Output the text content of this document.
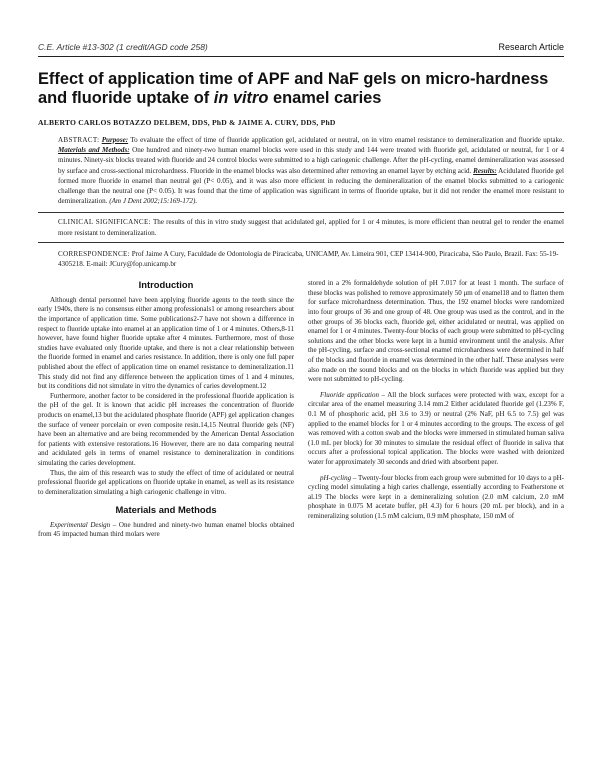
C.E. Article #13-302 (1 credit/AGD code 258)	Research Article
Effect of application time of APF and NaF gels on micro-hardness and fluoride uptake of in vitro enamel caries
ALBERTO CARLOS BOTAZZO DELBEM, DDS, PhD & JAIME A. CURY, DDS, PhD
ABSTRACT: Purpose: To evaluate the effect of time of fluoride application gel, acidulated or neutral, on in vitro enamel resistance to demineralization and fluoride uptake. Materials and Methods: One hundred and ninety-two human enamel blocks were used in this study and 144 were treated with fluoride gel, acidulated or neutral, for 1 or 4 minutes. Ninety-six blocks treated with fluoride and 24 control blocks were submitted to a high cariogenic challenge. After the pH-cycling, enamel demineralization was assessed by surface and cross-sectional microhardness. Fluoride in the enamel blocks was also determined after removing an enamel layer by etching acid. Results: Acidulated fluoride gel formed more fluoride in enamel than neutral gel (P< 0.05), and it was also more efficient in reducing the demineralization of the enamel blocks submitted to a cariogenic challenge than the neutral one (P< 0.05). It was found that the time of application was significant in terms of fluoride uptake, but it did not render the enamel more resistant to demineralization. (Am J Dent 2002;15:169-172).
CLINICAL SIGNIFICANCE: The results of this in vitro study suggest that acidulated gel, applied for 1 or 4 minutes, is more efficient than neutral gel to render the enamel more resistant to demineralization.
CORRESPONDENCE: Prof Jaime A Cury, Faculdade de Odontologia de Piracicaba, UNICAMP, Av. Limeira 901, CEP 13414-900, Piracicaba, São Paulo, Brazil. Fax: 55-19-4305218. E-mail: JCury@fop.unicamp.br
Introduction

Although dental personnel have been applying fluoride agents to the teeth since the early 1940s, there is no consensus either among professionals1 or among researchers about the importance of application time. Some publications2-7 have not shown a difference in respect to fluoride uptake into enamel at an application time of 1 or 4 minutes. Others,8-11 however, have found higher fluoride uptake after 4 minutes. Furthermore, most of those studies have evaluated only fluoride uptake, and there is not a clear relationship between the fluoride formed in enamel and caries resistance. In addition, there is only one full paper published about the effect of application time on enamel resistance to demineralization.11 This study did not find any difference between the application times of 1 and 4 minutes, but its conditions did not simulate in vitro the dynamics of caries development.12

Furthermore, another factor to be considered in the professional fluoride application is the pH of the gel. It is known that acidic pH increases the concentration of fluoride products on enamel,13 but the acidulated phosphate fluoride (APF) gel application changes the surface of veneer porcelain or even composite resin.14,15 Neutral fluoride gels (NF) have been an alternative and are being recommended by the American Dental Association for patients with extensive restorations.16 However, there are no data comparing neutral and acidulated gels in terms of enamel resistance to demineralization in conditions simulating the caries development.

Thus, the aim of this research was to study the effect of time of acidulated or neutral professional fluoride gel applications on fluoride uptake in enamel, as well as its resistance to demineralization simulating a high cariogenic challenge in vitro.

Materials and Methods

Experimental Design – One hundred and ninety-two human enamel blocks obtained from 45 impacted human third molars were

stored in a 2% formaldehyde solution of pH 7.017 for at least 1 month. The surface of these blocks was polished to remove approximately 50 μm of enamel18 and to flatten them for surface microhardness determination. Thus, the 192 enamel blocks were randomized into four groups of 36 and one group of 48. One group was used as the control, and in the other groups of 36 blocks each, fluoride gel, either acidulated or neutral, was applied on enamel for 1 or 4 minutes. Twenty-four blocks of each group were submitted to pH-cycling solutions and the other blocks were kept in a humid environment until the analysis. After the pH-cycling, surface and cross-sectional enamel microhardness were determined in half of the blocks and fluoride in enamel was determined in the other half. These analyses were also made on the sound blocks and on the blocks in which fluoride was applied but they were not submitted to pH-cycling.

Fluoride application – All the block surfaces were protected with wax, except for a circular area of the enamel measuring 3.14 mm.2 Either acidulated fluoride gel (1.23% F, 0.1 M of phosphoric acid, pH 3.6 to 3.9) or neutral (2% NaF, pH 6.5 to 7.5) gel was applied to the enamel blocks for 1 or 4 minutes according to the groups. The excess of gel was removed with a cotton swab and the blocks were immersed in stimulated human saliva (1.0 mL per block) for 30 minutes to simulate the residual effect of fluoride in saliva that occurs after a professional topical application. The blocks were washed with deionized water for approximately 30 seconds and dried with absorbent paper.

pH-cycling – Twenty-four blocks from each group were submitted for 10 days to a pH-cycling model simulating a high caries challenge, essentially according to Featherstone et al.19 The blocks were kept in a demineralizing solution (2.0 mM calcium, 2.0 mM phosphate in 0.075 M acetate buffer, pH 4.3) for 6 hours (20 mL per block), and in a remineralizing solution (1.5 mM calcium, 0.9 mM phosphate, 150 mM of
